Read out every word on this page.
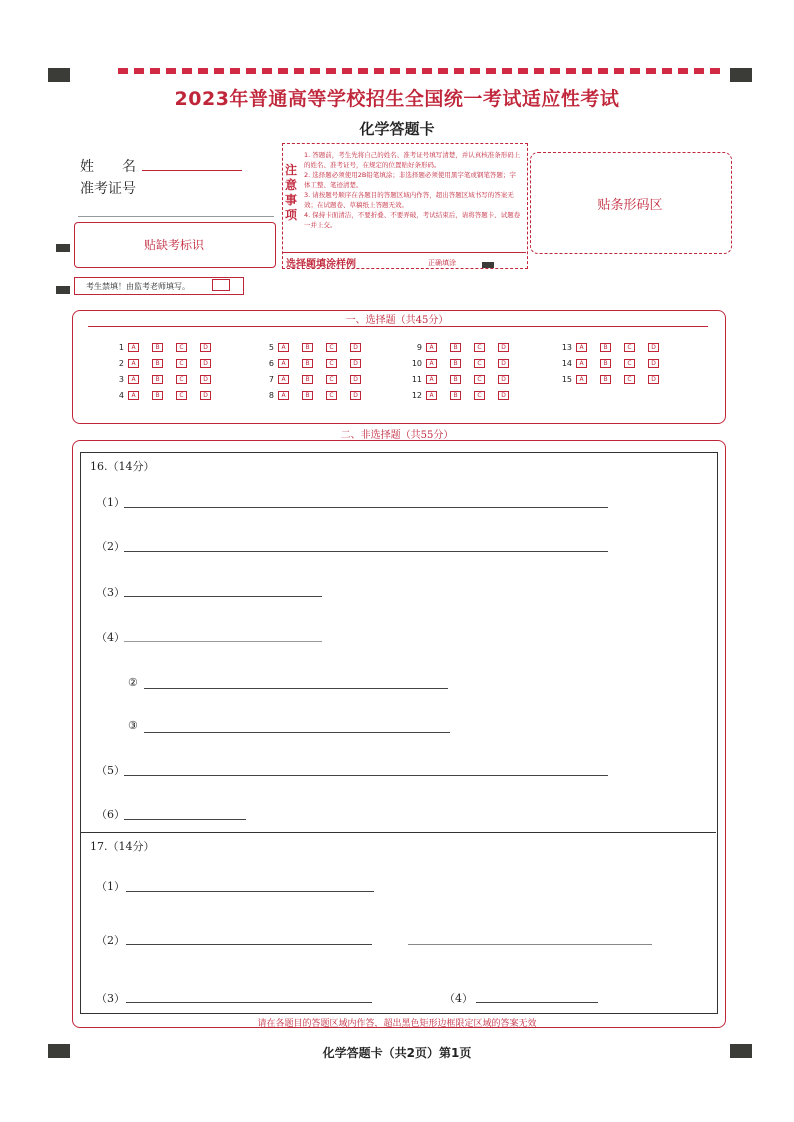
2023年普通高等学校招生全国统一考试适应性考试
化学答题卡
姓　　名
准考证号
贴缺考标识
考生禁填！由监考老师填写。
注意事项
1. 答题前，考生先将自己的姓名、准考证号填写清楚，并认真核准条形码上的姓名、准考证号，在规定的位置贴好条形码。
2. 选择题必须使用2B铅笔填涂；非选择题必须使用黑字笔或钢笔答题；字体工整、笔迹清楚。
3. 请按题号顺序在各题目的答题区域内作答，超出答题区域书写的答案无效；在试题卷、草稿纸上答题无效。
4. 保持卡面清洁，不要折叠、不要弄破，考试结束后，请将答题卡、试题卷一并上交。
选择题填涂样例	正确填涂
贴条形码区
一、选择题（共45分）
1	A	B	C	D
2	A	B	C	D
3	A	B	C	D
4	A	B	C	D
5	A	B	C	D
6	A	B	C	D
7	A	B	C	D
8	A	B	C	D
9	A	B	C	D
10	A	B	C	D
11	A	B	C	D
12	A	B	C	D
13	A	B	C	D
14	A	B	C	D
15	A	B	C	D
二、非选择题（共55分）
16.（14分）
（1）
（2）
（3）
（4）
②
③
（5）
（6）
17.（14分）
（1）
（2）
（3）	（4）
请在各题目的答题区域内作答，超出黑色矩形边框限定区域的答案无效
化学答题卡（共2页）第1页
